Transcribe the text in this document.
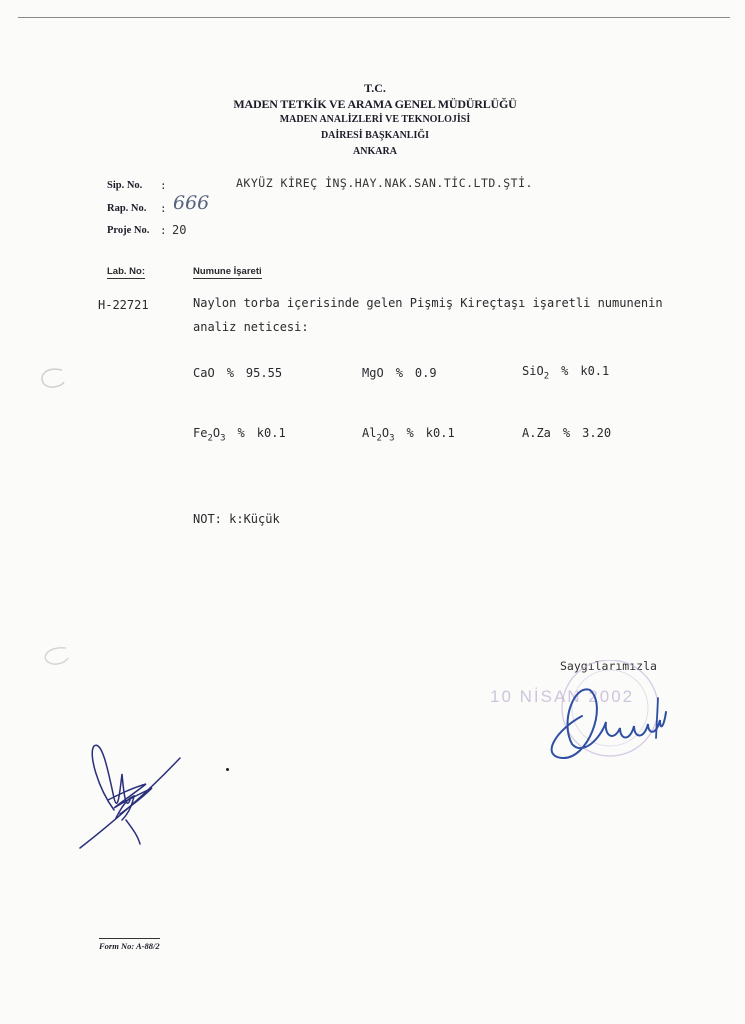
T.C.
MADEN TETKİK VE ARAMA GENEL MÜDÜRLÜĞÜ
MADEN ANALİZLERİ VE TEKNOLOJİSİ
DAİRESİ BAŞKANLIĞI
ANKARA
Sip. No. :	AKYÜZ KİREÇ İNŞ.HAY.NAK.SAN.TİC.LTD.ŞTİ.
Rap. No. : 666
Proje No. : 20
Lab. No:	Numune İşareti
H-22721	Naylon torba içerisinde gelen Pişmiş Kireçtaşı işaretli numunenin analiz neticesi:
CaO % 95.55	MgO % 0.9	SiO$_2$ % k0.1
$Fe_2O_3$ % k0.1	$Al_2O_3$ % k0.1	A.Za % 3.20
NOT: k:Küçük
Saygılarımızla
10 NİSAN 2002
Form No: A-88/2
